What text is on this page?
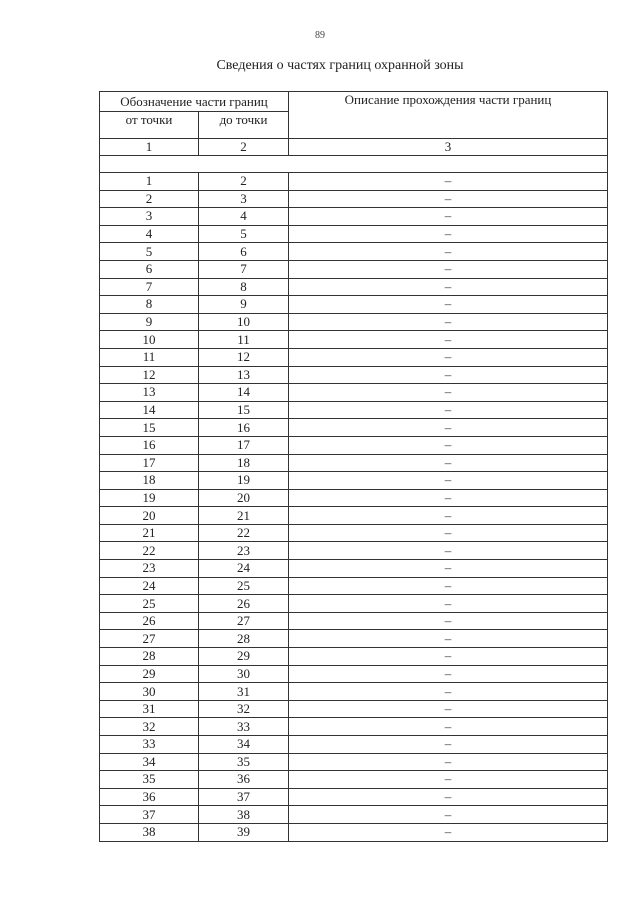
89
Сведения о частях границ охранной зоны
Обозначение части границ		Описание прохождения части границ
от точки	до точки	
1	2	3

1	2	–
2	3	–
3	4	–
4	5	–
5	6	–
6	7	–
7	8	–
8	9	–
9	10	–
10	11	–
11	12	–
12	13	–
13	14	–
14	15	–
15	16	–
16	17	–
17	18	–
18	19	–
19	20	–
20	21	–
21	22	–
22	23	–
23	24	–
24	25	–
25	26	–
26	27	–
27	28	–
28	29	–
29	30	–
30	31	–
31	32	–
32	33	–
33	34	–
34	35	–
35	36	–
36	37	–
37	38	–
38	39	–
